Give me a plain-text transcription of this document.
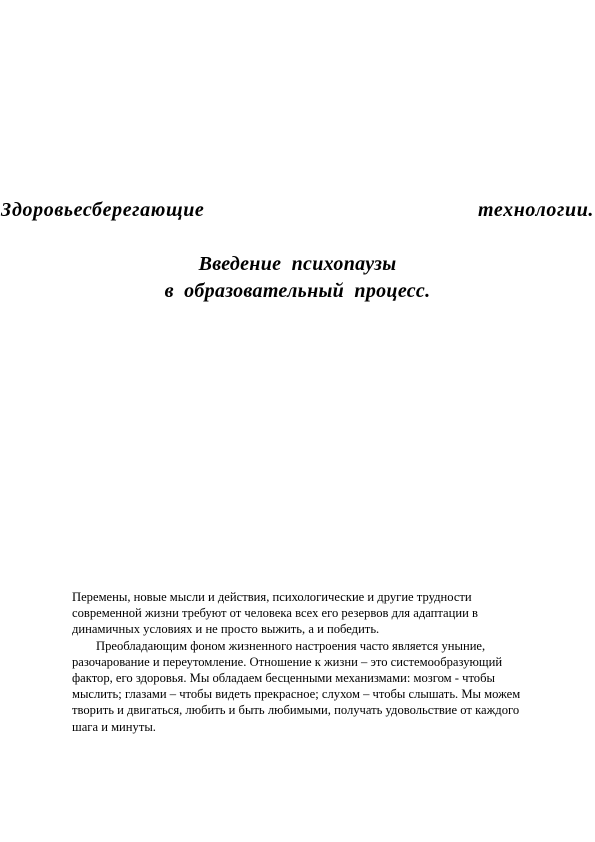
Здоровьесберегающие      технологии.
Введение психопаузы
в образовательный процесс.

Перемены, новые мысли и действия, психологические и другие трудности современной жизни требуют от человека всех его резервов для адаптации в динамичных условиях и не просто выжить, а и победить.

Преобладающим фоном жизненного настроения часто является уныние, разочарование и переутомление. Отношение к жизни – это системообразующий фактор, его здоровья. Мы обладаем бесценными механизмами: мозгом - чтобы мыслить; глазами – чтобы видеть прекрасное; слухом – чтобы слышать. Мы можем творить и двигаться, любить и быть любимыми, получать удовольствие от каждого шага и минуты.
